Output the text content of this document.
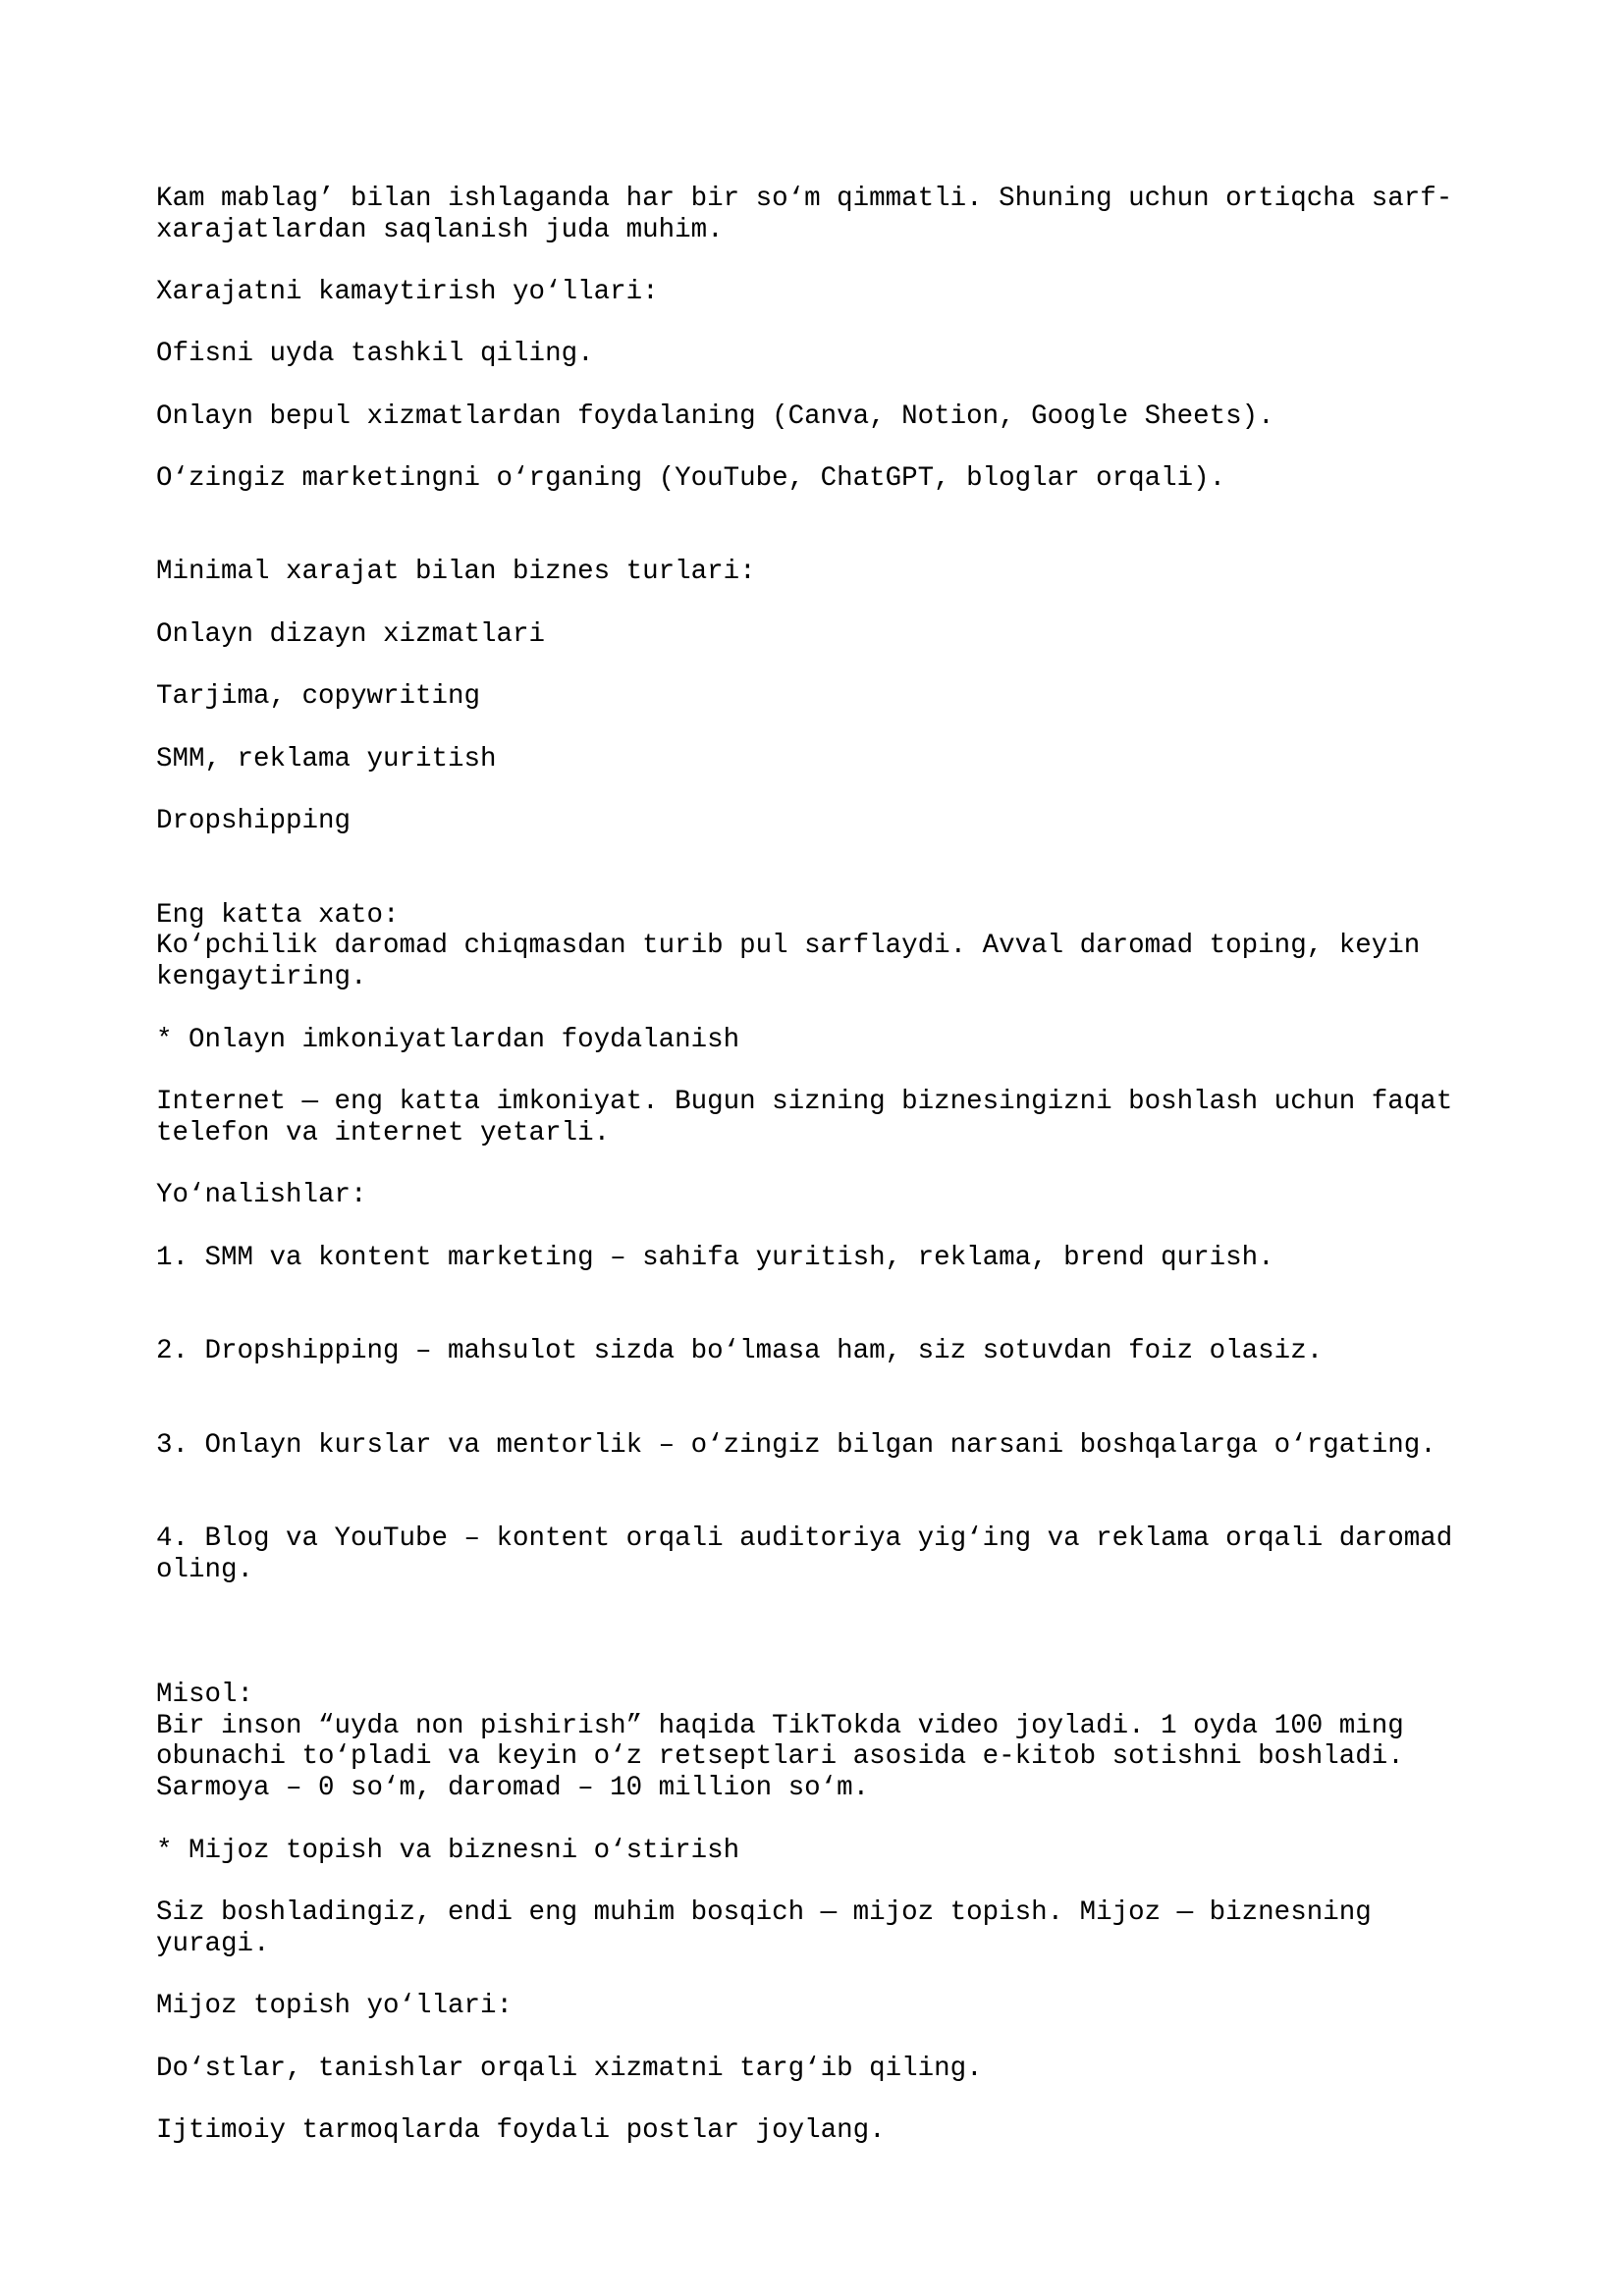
Kam mablag’ bilan ishlaganda har bir so‘m qimmatli. Shuning uchun ortiqcha sarf-

xarajatlardan saqlanish juda muhim.

Xarajatni kamaytirish yo‘llari:

Ofisni uyda tashkil qiling.

Onlayn bepul xizmatlardan foydalaning (Canva, Notion, Google Sheets).

O‘zingiz marketingni o‘rganing (YouTube, ChatGPT, bloglar orqali).

Minimal xarajat bilan biznes turlari:

Onlayn dizayn xizmatlari

Tarjima, copywriting

SMM, reklama yuritish

Dropshipping

Eng katta xato:

Ko‘pchilik daromad chiqmasdan turib pul sarflaydi. Avval daromad toping, keyin

kengaytiring.

* Onlayn imkoniyatlardan foydalanish

Internet — eng katta imkoniyat. Bugun sizning biznesingizni boshlash uchun faqat

telefon va internet yetarli.

Yo‘nalishlar:

1. SMM va kontent marketing – sahifa yuritish, reklama, brend qurish.

2. Dropshipping – mahsulot sizda bo‘lmasa ham, siz sotuvdan foiz olasiz.

3. Onlayn kurslar va mentorlik – o‘zingiz bilgan narsani boshqalarga o‘rgating.

4. Blog va YouTube – kontent orqali auditoriya yig‘ing va reklama orqali daromad

oling.

Misol:

Bir inson “uyda non pishirish” haqida TikTokda video joyladi. 1 oyda 100 ming

obunachi to‘pladi va keyin o‘z retseptlari asosida e-kitob sotishni boshladi.

Sarmoya – 0 so‘m, daromad – 10 million so‘m.

* Mijoz topish va biznesni o‘stirish

Siz boshladingiz, endi eng muhim bosqich — mijoz topish. Mijoz — biznesning

yuragi.

Mijoz topish yo‘llari:

Do‘stlar, tanishlar orqali xizmatni targ‘ib qiling.

Ijtimoiy tarmoqlarda foydali postlar joylang.
